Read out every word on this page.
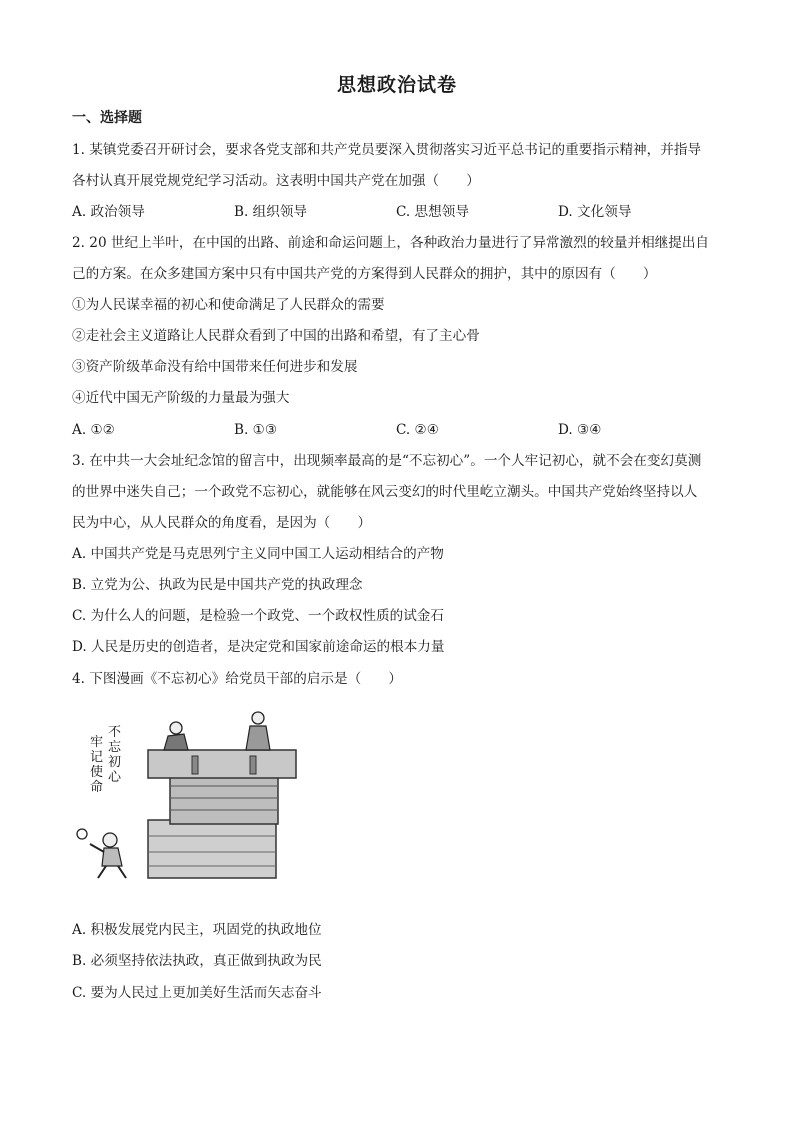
思想政治试卷
一、选择题
1. 某镇党委召开研讨会，要求各党支部和共产党员要深入贯彻落实习近平总书记的重要指示精神，并指导
各村认真开展党规党纪学习活动。这表明中国共产党在加强（　　）
A. 政治领导	B. 组织领导	C. 思想领导	D. 文化领导
2. 20 世纪上半叶，在中国的出路、前途和命运问题上，各种政治力量进行了异常激烈的较量并相继提出自
己的方案。在众多建国方案中只有中国共产党的方案得到人民群众的拥护，其中的原因有（　　）
①为人民谋幸福的初心和使命满足了人民群众的需要
②走社会主义道路让人民群众看到了中国的出路和希望，有了主心骨
③资产阶级革命没有给中国带来任何进步和发展
④近代中国无产阶级的力量最为强大
A. ①②	B. ①③	C. ②④	D. ③④
3. 在中共一大会址纪念馆的留言中，出现频率最高的是“不忘初心”。一个人牢记初心，就不会在变幻莫测
的世界中迷失自己；一个政党不忘初心，就能够在风云变幻的时代里屹立潮头。中国共产党始终坚持以人
民为中心，从人民群众的角度看，是因为（　　）
A. 中国共产党是马克思列宁主义同中国工人运动相结合的产物
B. 立党为公、执政为民是中国共产党的执政理念
C. 为什么人的问题，是检验一个政党、一个政权性质的试金石
D. 人民是历史的创造者，是决定党和国家前途命运的根本力量
4. 下图漫画《不忘初心》给党员干部的启示是（　　）
牢
记
使
命
不
忘
初
心
A. 积极发展党内民主，巩固党的执政地位
B. 必须坚持依法执政，真正做到执政为民
C. 要为人民过上更加美好生活而矢志奋斗
